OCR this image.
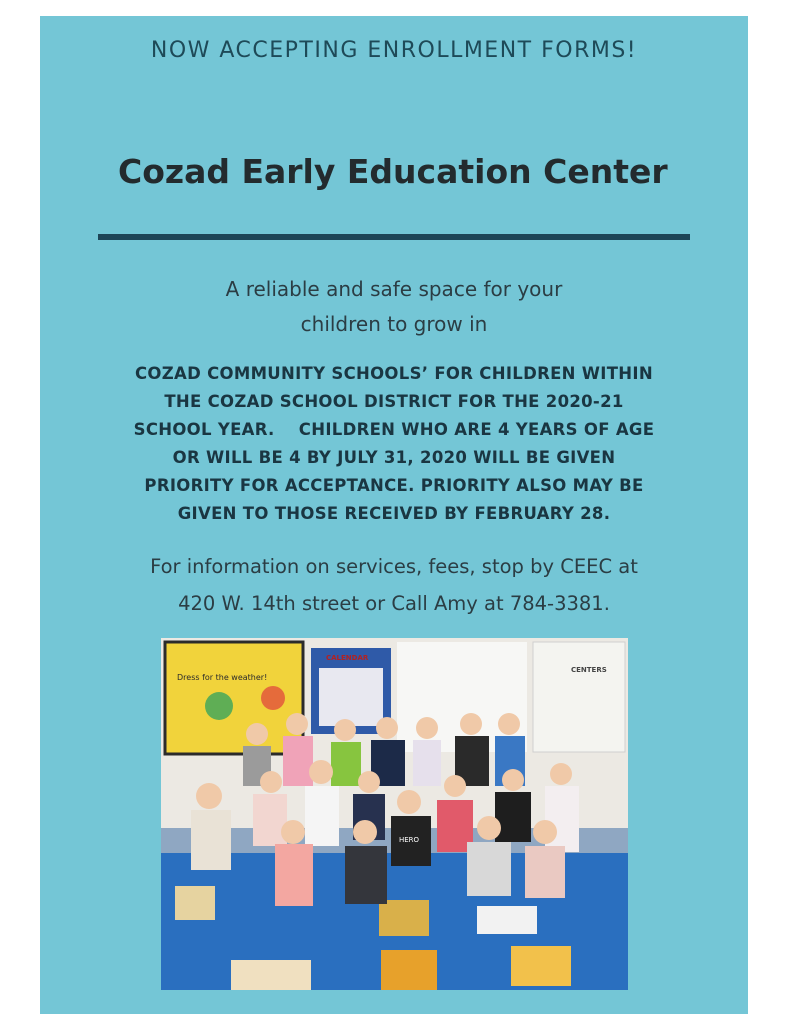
NOW ACCEPTING ENROLLMENT FORMS!
Cozad Early Education Center
A reliable and safe space for your
children to grow in
COZAD COMMUNITY SCHOOLS’ FOR CHILDREN WITHIN
THE COZAD SCHOOL DISTRICT FOR THE 2020-21
SCHOOL YEAR.    CHILDREN WHO ARE 4 YEARS OF AGE
OR WILL BE 4 BY JULY 31, 2020 WILL BE GIVEN
PRIORITY FOR ACCEPTANCE. PRIORITY ALSO MAY BE
GIVEN TO THOSE RECEIVED BY FEBRUARY 28.
For information on services, fees, stop by CEEC at
420 W. 14th street or Call Amy at 784-3381.
Dress for the weather!
CALENDAR
CENTERS
HERO
